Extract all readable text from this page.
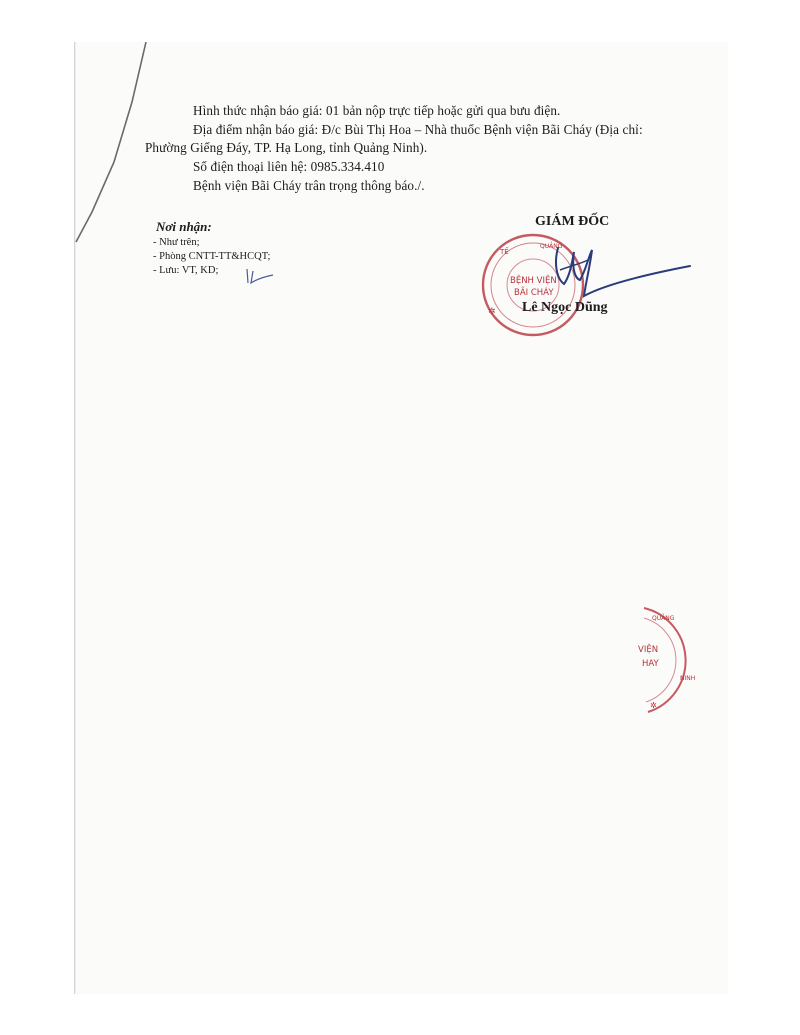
Hình thức nhận báo giá: 01 bản nộp trực tiếp hoặc gửi qua bưu điện.
Địa điểm nhận báo giá: Đ/c Bùi Thị Hoa – Nhà thuốc Bệnh viện Bãi Cháy (Địa chỉ:
Phường Giếng Đáy, TP. Hạ Long, tỉnh Quảng Ninh).
Số điện thoại liên hệ: 0985.334.410
Bệnh viện Bãi Cháy trân trọng thông báo./.
Nơi nhận:
- Như trên;
- Phòng CNTT-TT&HCQT;
- Lưu: VT, KD;
BỆNH VIỆN
BÃI CHÁY
TẾ
QUẢNG
✲
GIÁM ĐỐC
Lê Ngọc Dũng
VIỆN
HAY
QUẢNG
NINH
✲
